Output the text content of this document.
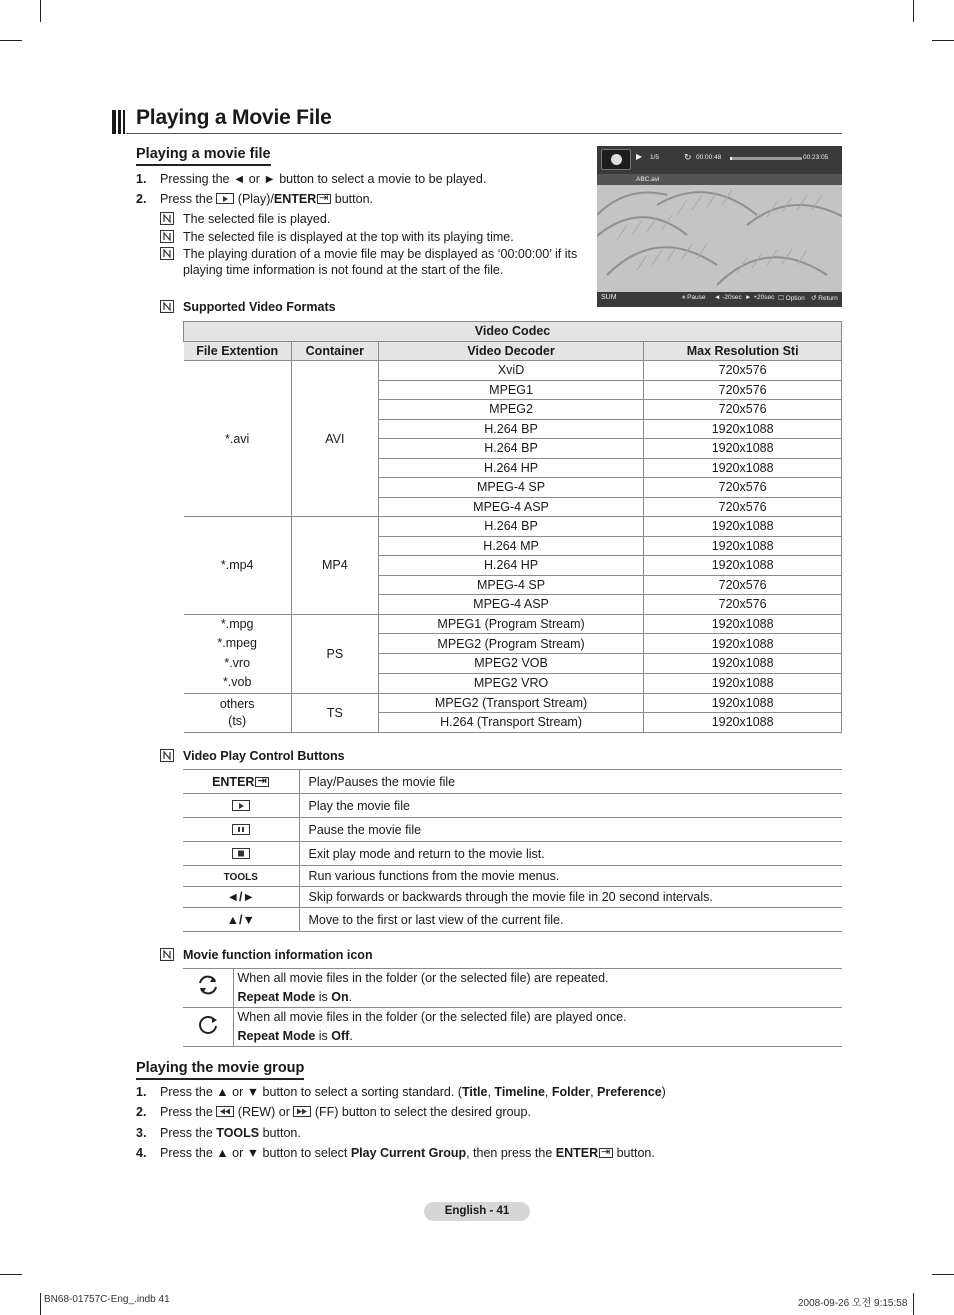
Playing a Movie File
Playing a movie file
1. Pressing the ◄ or ► button to select a movie to be played.
2. Press the (Play)/ENTER ⇥ button.
The selected file is played.
The selected file is displayed at the top with its playing time.
The playing duration of a movie file may be displayed as ‘00:00:00’ if its playing time information is not found at the start of the file.
▶ 1/5	↻ 00:00:48	00:23:05
ABC.avi
SUM	⏸ Pause ◄ -20sec ► +20sec ☐ Option ↺ Return
Supported Video Formats
Video Codec			
File Extention	Container	Video Decoder	Max Resolution Sti
*.avi	AVI	XviD	720x576
		MPEG1	720x576
		MPEG2	720x576
		H.264 BP	1920x1088
		H.264 BP	1920x1088
		H.264 HP	1920x1088
		MPEG-4 SP	720x576
		MPEG-4 ASP	720x576
*.mp4	MP4	H.264 BP	1920x1088
		H.264 MP	1920x1088
		H.264 HP	1920x1088
		MPEG-4 SP	720x576
		MPEG-4 ASP	720x576
*.mpg
*.mpeg
*.vro
*.vob	PS	MPEG1 (Program Stream)	1920x1088
		MPEG2 (Program Stream)	1920x1088
		MPEG2 VOB	1920x1088
		MPEG2 VRO	1920x1088
others
(ts)	TS	MPEG2 (Transport Stream)	1920x1088
		H.264 (Transport Stream)	1920x1088
Video Play Control Buttons
ENTER⇥	Play/Pauses the movie file
	Play the movie file
	Pause the movie file
	Exit play mode and return to the movie list.
TOOLS	Run various functions from the movie menus.
◄/►	Skip forwards or backwards through the movie file in 20 second intervals.
▲/▼	Move to the first or last view of the current file.
Movie function information icon
	When all movie files in the folder (or the selected file) are repeated.
Repeat Mode is On.
	When all movie files in the folder (or the selected file) are played once.
Repeat Mode is Off.
Playing the movie group
1. Press the ▲ or ▼ button to select a sorting standard. (Title, Timeline, Folder, Preference)
2. Press the (REW) or (FF) button to select the desired group.
3. Press the TOOLS button.
4. Press the ▲ or ▼ button to select Play Current Group, then press the ENTER⇥ button.
English - 41
BN68-01757C-Eng_.indb 41	2008-09-26 오전 9:15:58
